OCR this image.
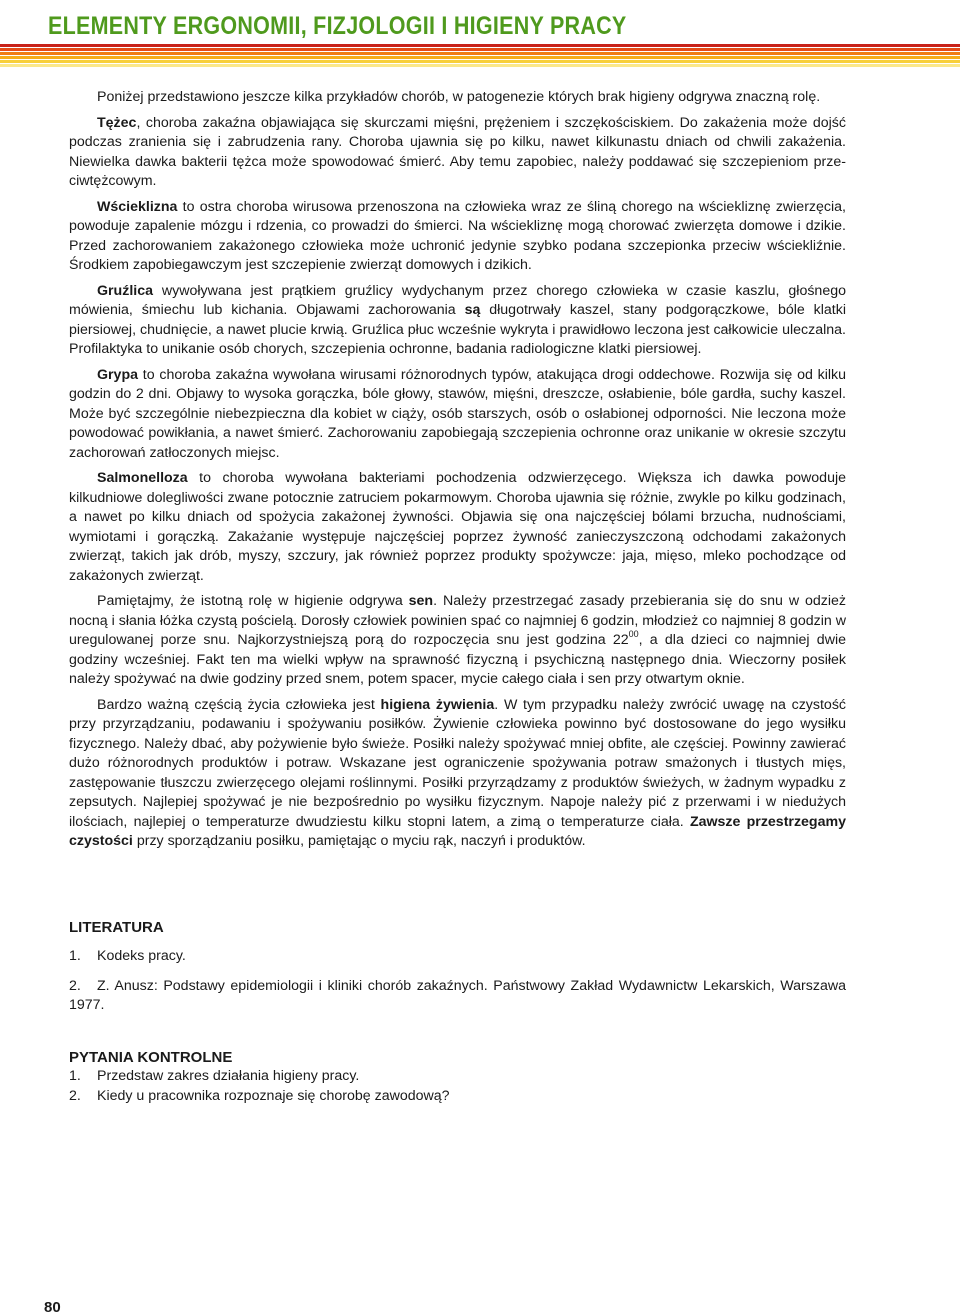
ELEMENTY ERGONOMII, FIZJOLOGII I HIGIENY PRACY

Poniżej przedstawiono jeszcze kilka przykładów chorób, w patogenezie których brak higieny odgrywa znaczną rolę.

Tężec, choroba zakaźna objawiająca się skurczami mięśni, prężeniem i szczękościskiem. Do zakażenia może dojść podczas zranienia się i zabrudzenia rany. Choroba ujawnia się po kilku, nawet kilkunastu dniach od chwili zakażenia. Niewielka dawka bakterii tężca może spowodować śmierć. Aby temu zapobiec, należy poddawać się szczepieniom prze-ciwtężcowym.

Wścieklizna to ostra choroba wirusowa przenoszona na człowieka wraz ze śliną chorego na wściekliznę zwierzęcia, powoduje zapalenie mózgu i rdzenia, co prowadzi do śmierci. Na wściekliznę mogą chorować zwierzęta domowe i dzikie. Przed zachorowaniem zakażonego człowieka może uchronić jedynie szybko podana szczepionka przeciw wściekliźnie. Środkiem zapobiegawczym jest szczepienie zwierząt domowych i dzikich.

Gruźlica wywoływana jest prątkiem gruźlicy wydychanym przez chorego człowieka w czasie kaszlu, głośnego mówienia, śmiechu lub kichania. Objawami zachorowania są długotrwały kaszel, stany podgorączkowe, bóle klatki piersiowej, chudnięcie, a nawet plucie krwią. Gruźlica płuc wcześnie wykryta i prawidłowo leczona jest całkowicie uleczalna. Profilaktyka to unikanie osób chorych, szczepienia ochronne, badania radiologiczne klatki piersiowej.

Grypa to choroba zakaźna wywołana wirusami różnorodnych typów, atakująca drogi oddechowe. Rozwija się od kilku godzin do 2 dni. Objawy to wysoka gorączka, bóle głowy, stawów, mięśni, dreszcze, osłabienie, bóle gardła, suchy kaszel. Może być szczególnie niebezpieczna dla kobiet w ciąży, osób starszych, osób o osłabionej odporności. Nie leczona może powodować powikłania, a nawet śmierć. Zachorowaniu zapobiegają szczepienia ochronne oraz unikanie w okresie szczytu zachorowań zatłoczonych miejsc.

Salmonelloza to choroba wywołana bakteriami pochodzenia odzwierzęcego. Większa ich dawka powoduje kilkudniowe dolegliwości zwane potocznie zatruciem pokarmowym. Choroba ujawnia się różnie, zwykle po kilku godzinach, a nawet po kilku dniach od spożycia zakażonej żywności. Objawia się ona najczęściej bólami brzucha, nudnościami, wymiotami i gorączką. Zakażanie występuje najczęściej poprzez żywność zanieczyszczoną odchodami zakażonych zwierząt, takich jak drób, myszy, szczury, jak również poprzez produkty spożywcze: jaja, mięso, mleko pochodzące od zakażonych zwierząt.

Pamiętajmy, że istotną rolę w higienie odgrywa sen. Należy przestrzegać zasady przebierania się do snu w odzież nocną i słania łóżka czystą pościelą. Dorosły człowiek powinien spać co najmniej 6 godzin, młodzież co najmniej 8 godzin w uregulowanej porze snu. Najkorzystniejszą porą do rozpoczęcia snu jest godzina $22^{00}$, a dla dzieci co najmniej dwie godziny wcześniej. Fakt ten ma wielki wpływ na sprawność fizyczną i psychiczną następnego dnia. Wieczorny posiłek należy spożywać na dwie godziny przed snem, potem spacer, mycie całego ciała i sen przy otwartym oknie.

Bardzo ważną częścią życia człowieka jest higiena żywienia. W tym przypadku należy zwrócić uwagę na czystość przy przyrządzaniu, podawaniu i spożywaniu posiłków. Żywienie człowieka powinno być dostosowane do jego wysiłku fizycznego. Należy dbać, aby pożywienie było świeże. Posiłki należy spożywać mniej obfite, ale częściej. Powinny zawierać dużo różnorodnych produktów i potraw. Wskazane jest ograniczenie spożywania potraw smażonych i tłustych mięs, zastępowanie tłuszczu zwierzęcego olejami roślinnymi. Posiłki przyrządzamy z produktów świeżych, w żadnym wypadku z zepsutych. Najlepiej spożywać je nie bezpośrednio po wysiłku fizycznym. Napoje należy pić z przerwami i w niedużych ilościach, najlepiej o temperaturze dwudziestu kilku stopni latem, a zimą o temperaturze ciała. Zawsze przestrzegamy czystości przy sporządzaniu posiłku, pamiętając o myciu rąk, naczyń i produktów.

LITERATURA
1. Kodeks pracy.
2. Z. Anusz: Podstawy epidemiologii i kliniki chorób zakaźnych. Państwowy Zakład Wydawnictw Lekarskich, Warszawa 1977.
PYTANIA KONTROLNE
1. Przedstaw zakres działania higieny pracy.
2. Kiedy u pracownika rozpoznaje się chorobę zawodową?
80
